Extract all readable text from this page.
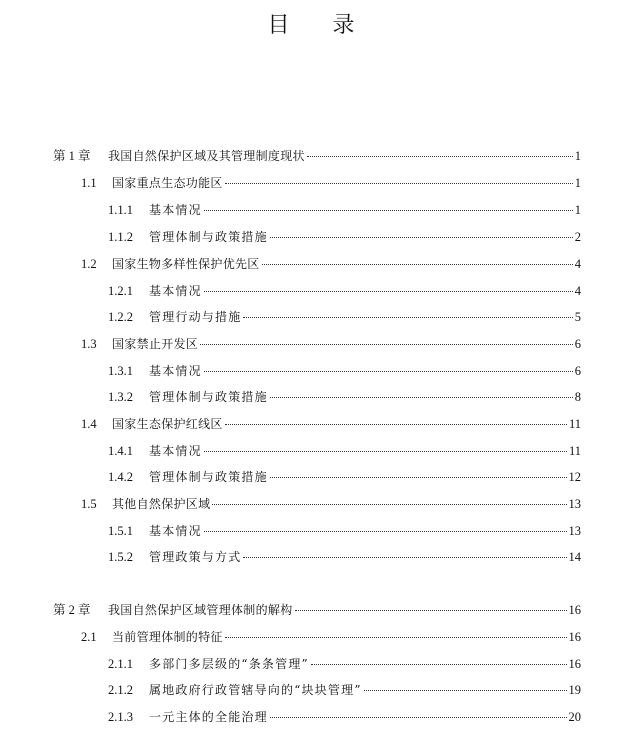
目 录
第 1 章	我国自然保护区域及其管理制度现状	1
1.1	国家重点生态功能区	1
1.1.1	基本情况	1
1.1.2	管理体制与政策措施	2
1.2	国家生物多样性保护优先区	4
1.2.1	基本情况	4
1.2.2	管理行动与措施	5
1.3	国家禁止开发区	6
1.3.1	基本情况	6
1.3.2	管理体制与政策措施	8
1.4	国家生态保护红线区	11
1.4.1	基本情况	11
1.4.2	管理体制与政策措施	12
1.5	其他自然保护区域	13
1.5.1	基本情况	13
1.5.2	管理政策与方式	14
第 2 章	我国自然保护区域管理体制的解构	16
2.1	当前管理体制的特征	16
2.1.1	多部门多层级的“条条管理”	16
2.1.2	属地政府行政管辖导向的“块块管理”	19
2.1.3	一元主体的全能治理	20
